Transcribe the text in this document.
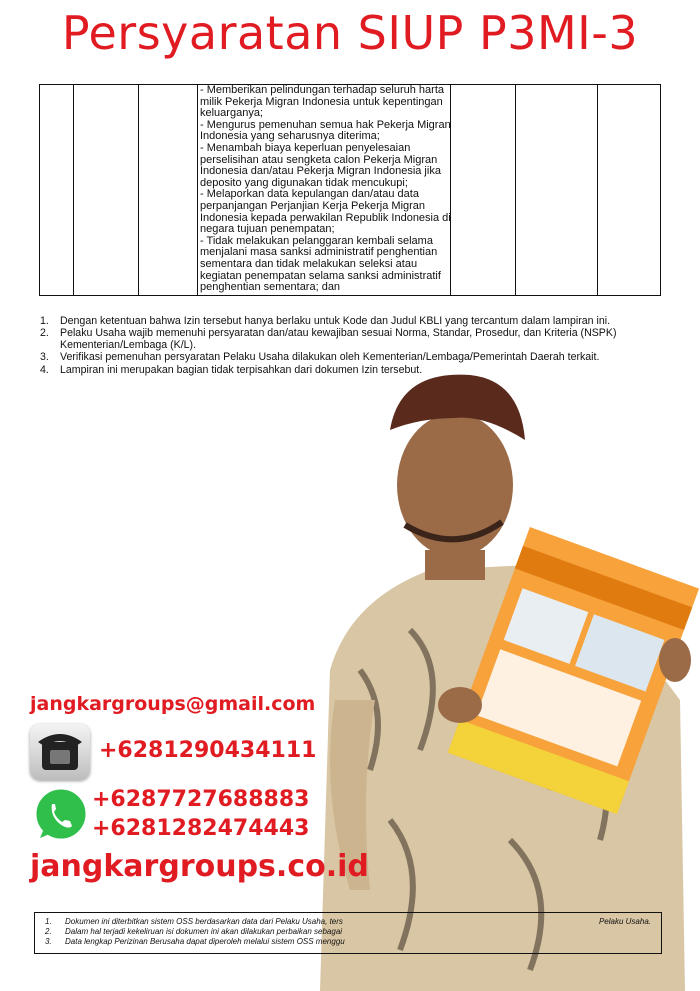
Persyaratan SIUP P3MI-3
- Memberikan pelindungan terhadap seluruh harta
milik Pekerja Migran Indonesia untuk kepentingan
keluarganya;
- Mengurus pemenuhan semua hak Pekerja Migran
Indonesia yang seharusnya diterima;
- Menambah biaya keperluan penyelesaian
perselisihan atau sengketa calon Pekerja Migran
Indonesia dan/atau Pekerja Migran Indonesia jika
deposito yang digunakan tidak mencukupi;
- Melaporkan data kepulangan dan/atau data
perpanjangan Perjanjian Kerja Pekerja Migran
Indonesia kepada perwakilan Republik Indonesia di
negara tujuan penempatan;
- Tidak melakukan pelanggaran kembali selama
menjalani masa sanksi administratif penghentian
sementara dan tidak melakukan seleksi atau
kegiatan penempatan selama sanksi administratif
penghentian sementara; dan
1.	Dengan ketentuan bahwa Izin tersebut hanya berlaku untuk Kode dan Judul KBLI yang tercantum dalam lampiran ini.
2.	Pelaku Usaha wajib memenuhi persyaratan dan/atau kewajiban sesuai Norma, Standar, Prosedur, dan Kriteria (NSPK) Kementerian/Lembaga (K/L).
3.	Verifikasi pemenuhan persyaratan Pelaku Usaha dilakukan oleh Kementerian/Lembaga/Pemerintah Daerah terkait.
4.	Lampiran ini merupakan bagian tidak terpisahkan dari dokumen Izin tersebut.
jangkargroups@gmail.com
+6281290434111
+6287727688883
+6281282474443
jangkargroups.co.id
1.	Dokumen ini diterbitkan sistem OSS berdasarkan data dari Pelaku Usaha, ters	Pelaku Usaha.
2.	Dalam hal terjadi kekeliruan isi dokumen ini akan dilakukan perbaikan sebagai
3.	Data lengkap Perizinan Berusaha dapat diperoleh melalui sistem OSS menggu
